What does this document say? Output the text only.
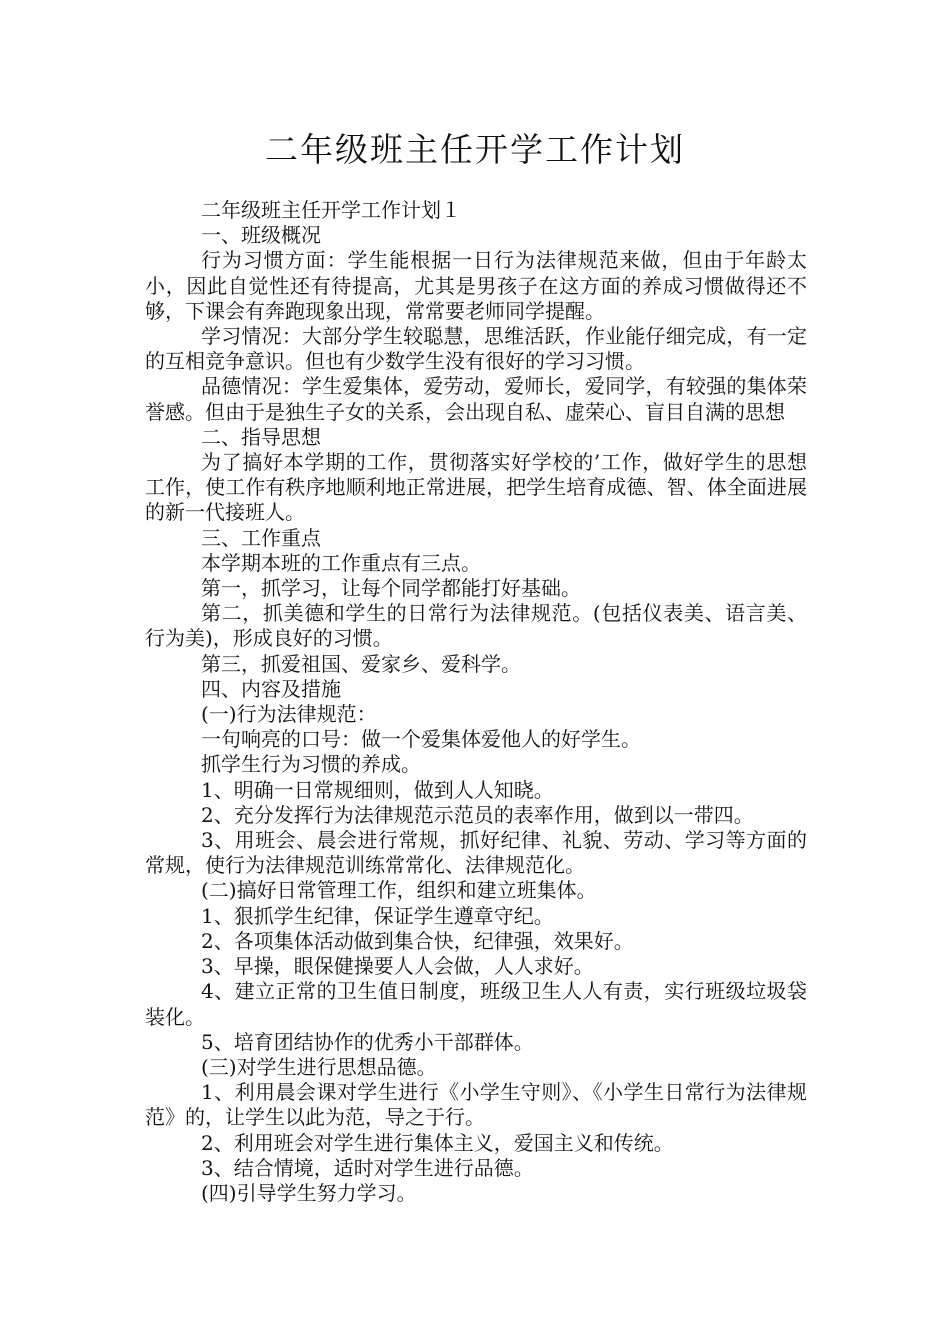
二年级班主任开学工作计划

二年级班主任开学工作计划１

一、班级概况

行为习惯方面：学生能根据一日行为法律规范来做，但由于年龄太小，因此自觉性还有待提高，尤其是男孩子在这方面的养成习惯做得还不够，下课会有奔跑现象出现，常常要老师同学提醒。

学习情况：大部分学生较聪慧，思维活跃，作业能仔细完成，有一定的互相竞争意识。但也有少数学生没有很好的学习习惯。

品德情况：学生爱集体，爱劳动，爱师长，爱同学，有较强的集体荣誉感。但由于是独生子女的关系，会出现自私、虚荣心、盲目自满的思想

二、指导思想

为了搞好本学期的工作，贯彻落实好学校的’工作，做好学生的思想工作，使工作有秩序地顺利地正常进展，把学生培育成德、智、体全面进展的新一代接班人。

三、工作重点

本学期本班的工作重点有三点。

第一，抓学习，让每个同学都能打好基础。

第二，抓美德和学生的日常行为法律规范。(包括仪表美、语言美、行为美)，形成良好的习惯。

第三，抓爱祖国、爱家乡、爱科学。

四、内容及措施

(一)行为法律规范：

一句响亮的口号：做一个爱集体爱他人的好学生。

抓学生行为习惯的养成。

1、明确一日常规细则，做到人人知晓。

2、充分发挥行为法律规范示范员的表率作用，做到以一带四。

3、用班会、晨会进行常规，抓好纪律、礼貌、劳动、学习等方面的常规，使行为法律规范训练常常化、法律规范化。

(二)搞好日常管理工作，组织和建立班集体。

1、狠抓学生纪律，保证学生遵章守纪。

2、各项集体活动做到集合快，纪律强，效果好。

3、早操，眼保健操要人人会做，人人求好。

4、建立正常的卫生值日制度，班级卫生人人有责，实行班级垃圾袋装化。

5、培育团结协作的优秀小干部群体。

(三)对学生进行思想品德。

1、利用晨会课对学生进行《小学生守则》、《小学生日常行为法律规范》的，让学生以此为范，导之于行。

2、利用班会对学生进行集体主义，爱国主义和传统。

3、结合情境，适时对学生进行品德。

(四)引导学生努力学习。
